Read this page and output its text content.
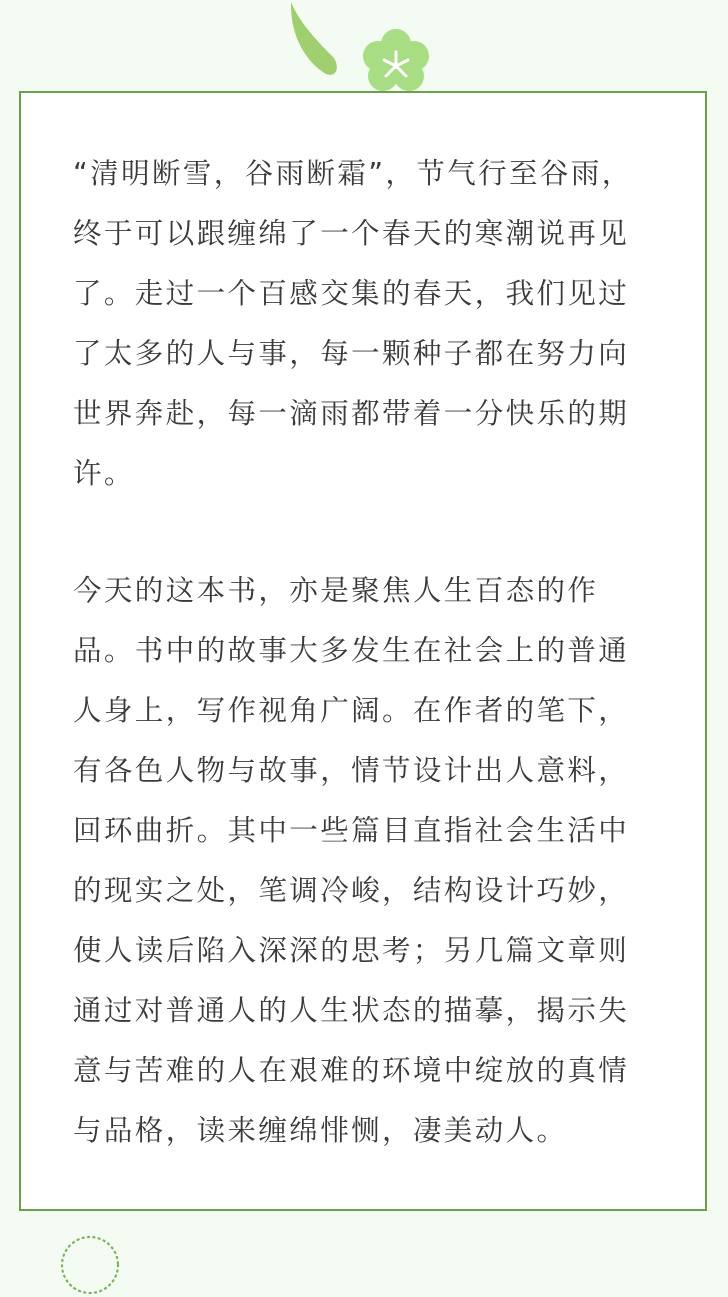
“清明断雪，谷雨断霜”，节气行至谷雨，
终于可以跟缠绵了一个春天的寒潮说再见
了。走过一个百感交集的春天，我们见过
了太多的人与事，每一颗种子都在努力向
世界奔赴，每一滴雨都带着一分快乐的期
许。

今天的这本书，亦是聚焦人生百态的作
品。书中的故事大多发生在社会上的普通
人身上，写作视角广阔。在作者的笔下，
有各色人物与故事，情节设计出人意料，
回环曲折。其中一些篇目直指社会生活中
的现实之处，笔调冷峻，结构设计巧妙，
使人读后陷入深深的思考；另几篇文章则
通过对普通人的人生状态的描摹，揭示失
意与苦难的人在艰难的环境中绽放的真情
与品格，读来缠绵悱恻，凄美动人。
